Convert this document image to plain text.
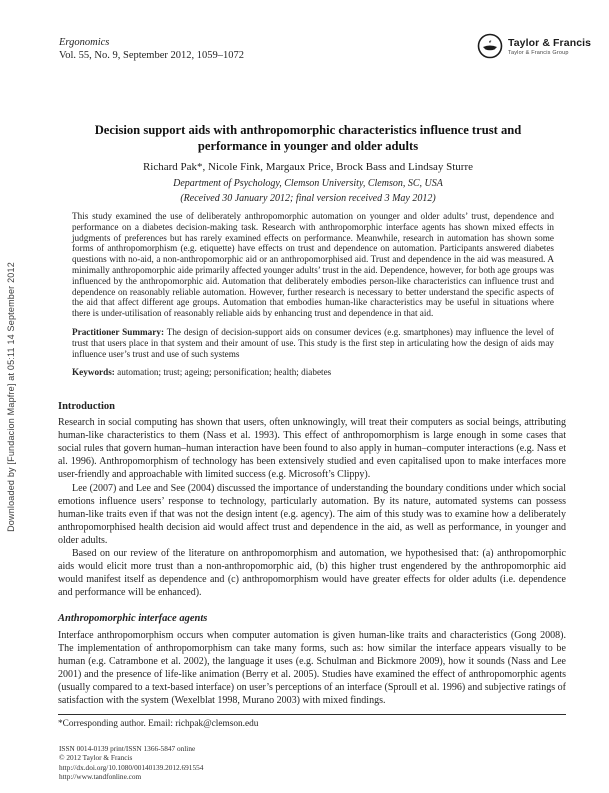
Downloaded by [Fundacion Mapfre] at 05:11 14 September 2012
Ergonomics
Vol. 55, No. 9, September 2012, 1059–1072
Taylor & Francis
Taylor & Francis Group
Decision support aids with anthropomorphic characteristics influence trust and performance in younger and older adults
Richard Pak*, Nicole Fink, Margaux Price, Brock Bass and Lindsay Sturre
Department of Psychology, Clemson University, Clemson, SC, USA
(Received 30 January 2012; final version received 3 May 2012)

This study examined the use of deliberately anthropomorphic automation on younger and older adults’ trust, dependence and performance on a diabetes decision-making task. Research with anthropomorphic interface agents has shown mixed effects in judgments of preferences but has rarely examined effects on performance. Meanwhile, research in automation has shown some forms of anthropomorphism (e.g. etiquette) have effects on trust and dependence on automation. Participants answered diabetes questions with no-aid, a non-anthropomorphic aid or an anthropomorphised aid. Trust and dependence in the aid was measured. A minimally anthropomorphic aide primarily affected younger adults’ trust in the aid. Dependence, however, for both age groups was influenced by the anthropomorphic aid. Automation that deliberately embodies person-like characteristics can influence trust and dependence on reasonably reliable automation. However, further research is necessary to better understand the specific aspects of the aid that affect different age groups. Automation that embodies human-like characteristics may be useful in situations where there is under-utilisation of reasonably reliable aids by enhancing trust and dependence in that aid.

Practitioner Summary: The design of decision-support aids on consumer devices (e.g. smartphones) may influence the level of trust that users place in that system and their amount of use. This study is the first step in articulating how the design of aids may influence user’s trust and use of such systems

Keywords: automation; trust; ageing; personification; health; diabetes

Introduction

Research in social computing has shown that users, often unknowingly, will treat their computers as social beings, attributing human-like characteristics to them (Nass et al. 1993). This effect of anthropomorphism is large enough in some cases that social rules that govern human–human interaction have been found to also apply in human–computer interactions (e.g. Nass et al. 1996). Anthropomorphism of technology has been extensively studied and even capitalised upon to make interfaces more user-friendly and approachable with limited success (e.g. Microsoft’s Clippy).

Lee (2007) and Lee and See (2004) discussed the importance of understanding the boundary conditions under which social emotions influence users’ response to technology, particularly automation. By its nature, automated systems can possess human-like traits even if that was not the design intent (e.g. agency). The aim of this study was to examine how a deliberately anthropomorphised health decision aid would affect trust and dependence in the aid, as well as performance, in younger and older adults.

Based on our review of the literature on anthropomorphism and automation, we hypothesised that: (a) anthropomorphic aids would elicit more trust than a non-anthropomorphic aid, (b) this higher trust engendered by the anthropomorphic aid would manifest itself as dependence and (c) anthropomorphism would have greater effects for older adults (i.e. dependence and performance will be enhanced).

Anthropomorphic interface agents

Interface anthropomorphism occurs when computer automation is given human-like traits and characteristics (Gong 2008). The implementation of anthropomorphism can take many forms, such as: how similar the interface appears visually to be human (e.g. Catrambone et al. 2002), the language it uses (e.g. Schulman and Bickmore 2009), how it sounds (Nass and Lee 2001) and the presence of life-like animation (Berry et al. 2005). Studies have examined the effect of anthropomorphic agents (usually compared to a text-based interface) on user’s perceptions of an interface (Sproull et al. 1996) and subjective ratings of satisfaction with the system (Wexelblat 1998, Murano 2003) with mixed findings.

*Corresponding author. Email: richpak@clemson.edu
ISSN 0014-0139 print/ISSN 1366-5847 online
© 2012 Taylor & Francis
http://dx.doi.org/10.1080/00140139.2012.691554
http://www.tandfonline.com
